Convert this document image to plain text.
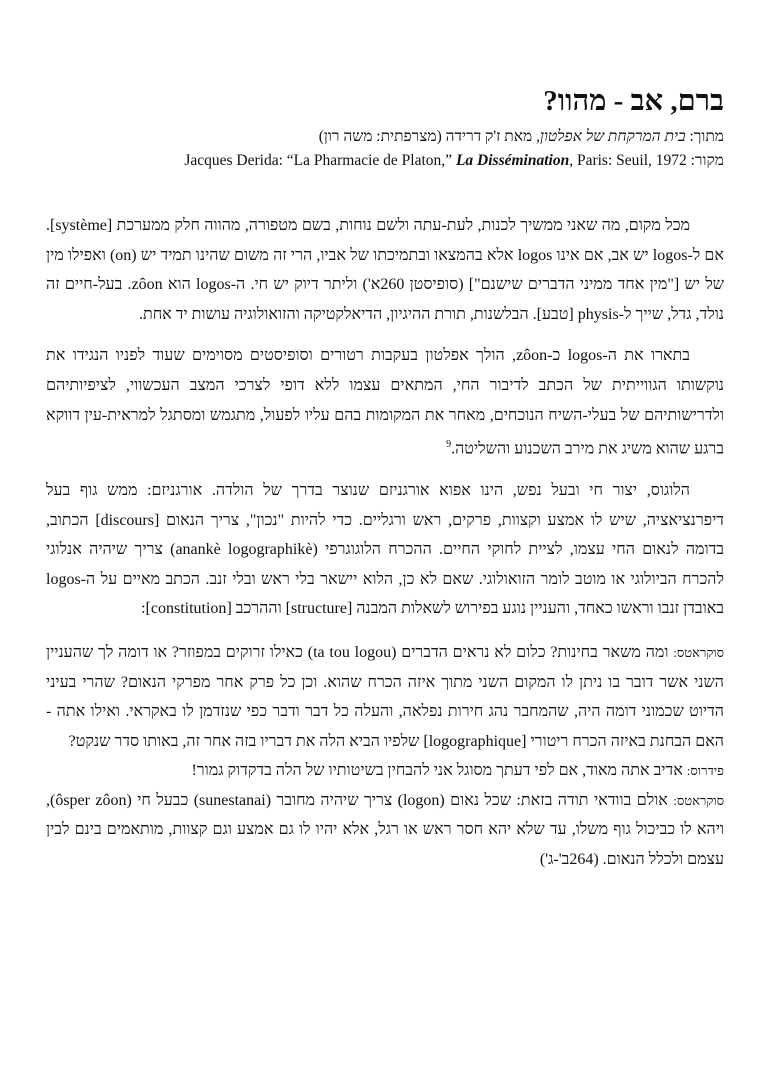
ברם, אב - מהוו?

מתוך: בית המרקחת של אפלטון, מאת ז'ק דרידה (מצרפתית: משה רון)

מקור: Jacques Derida: “La Pharmacie de Platon,” La Dissémination, Paris: Seuil, 1972

מכל מקום, מה שאני ממשיך לכנות, לעת-עתה ולשם נוחות, בשם מטפורה, מהווה חלק ממערכת [système]. אם ל-logos יש אב, אם אינו logos אלא בהמצאו ובתמיכתו של אביו, הרי זה משום שהינו תמיד יש (on) ואפילו מין של יש ["מין אחד ממיני הדברים שישנם"] (סופיסטן 260א') וליתר דיוק יש חי. ה-logos הוא zôon. בעל-חיים זה נולד, גדל, שייך ל-physis [טבע]. הבלשנות, תורת ההיגיון, הדיאלקטיקה והזואולוגיה עושות יד אחת.

בתארו את ה-logos כ-zôon, הולך אפלטון בעקבות רטורים וסופיסטים מסוימים שעוד לפניו הנגידו את נוקשותו הגווייתית של הכתב לדיבור החי, המתאים עצמו ללא דופי לצרכי המצב העכשווי, לציפיותיהם ולדרישותיהם של בעלי-השיח הנוכחים, מאחר את המקומות בהם עליו לפעול, מתגמש ומסתגל למראית-עין דווקא ברגע שהוא משיג את מירב השכנוע והשליטה.$^9$

הלוגוס, יצור חי ובעל נפש, הינו אפוא אורגניזם שנוצר בדרך של הולדה. אורגניזם: ממש גוף בעל דיפרנציאציה, שיש לו אמצע וקצוות, פרקים, ראש ורגליים. כדי להיות "נכון", צריך הנאום [discours] הכתוב, בדומה לנאום החי עצמו, לציית לחוקי החיים. ההכרח הלוגוגרפי (anankè logographikè) צריך שיהיה אנלוגי להכרח הביולוגי או מוטב לומר הזואולוגי. שאם לא כן, הלוא יישאר בלי ראש ובלי זנב. הכתב מאיים על ה-logos באובדן זנבו וראשו כאחד, והעניין נוגע בפירוש לשאלות המבנה [structure] וההרכב [constitution]:

סוקראטס: ומה משאר בחינות? כלום לא נראים הדברים (ta tou logou) כאילו זרוקים במפוזר? או דומה לך שהעניין השני אשר דובר בו ניתן לו המקום השני מתוך איזה הכרח שהוא. וכן כל פרק אחר מפרקי הנאום? שהרי בעיני הדיוט שכמוני דומה היה, שהמחבר נהג חירות נפלאה, והעלה כל דבר ודבר כפי שנזדמן לו באקראי. ואילו אתה - האם הבחנת באיזה הכרח ריטורי [logographique] שלפיו הביא הלה את דבריו בזה אחר זה, באותו סדר שנקט?

פידרוס: אדיב אתה מאוד, אם לפי דעתך מסוגל אני להבחין בשיטותיו של הלה בדקדוק גמור!

סוקראטס: אולם בוודאי תודה בזאת: שכל נאום (logon) צריך שיהיה מחובר (sunestanai) כבעל חי (ôsper zôon), ויהא לו כביכול גוף משלו, עד שלא יהא חסר ראש או רגל, אלא יהיו לו גם אמצע וגם קצוות, מותאמים בינם לבין עצמם ולכלל הנאום. (264ב'-ג')
